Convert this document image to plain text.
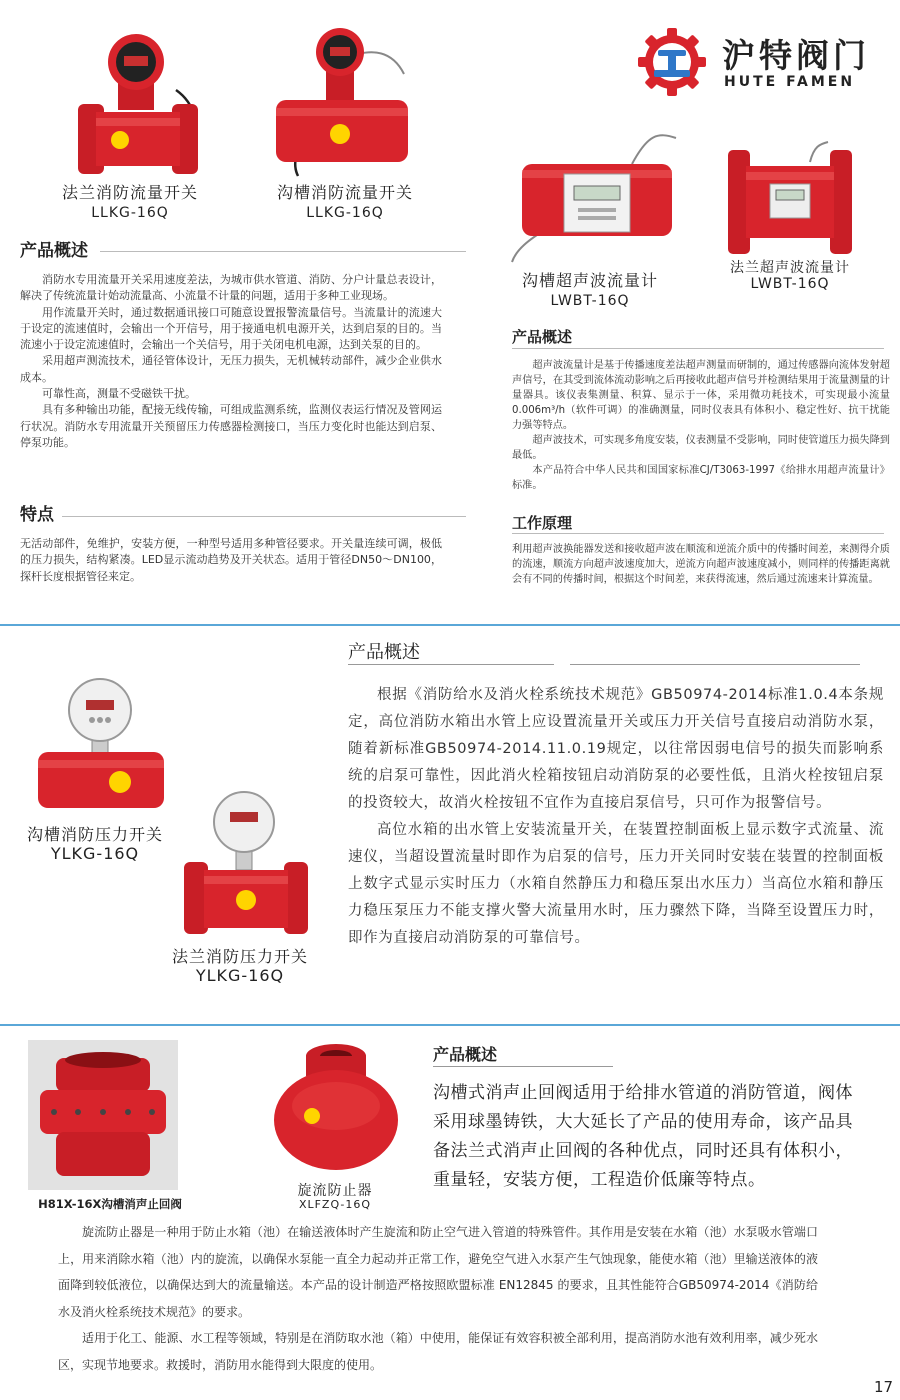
沪特阀门
HUTE FAMEN
法兰消防流量开关
LLKG-16Q
沟槽消防流量开关
LLKG-16Q
沟槽超声波流量计
LWBT-16Q
法兰超声波流量计
LWBT-16Q
产品概述

消防水专用流量开关采用速度差法，为城市供水管道、消防、分户计量总表设计，解决了传统流量计始动流量高、小流量不计量的问题，适用于多种工业现场。

用作流量开关时，通过数据通讯接口可随意设置报警流量信号。当流量计的流速大于设定的流速值时，会输出一个开信号，用于接通电机电源开关，达到启泵的目的。当流速小于设定流速值时，会输出一个关信号，用于关闭电机电源，达到关泵的目的。

采用超声测流技术，通径管体设计，无压力损失，无机械转动部件，减少企业供水成本。

可靠性高，测量不受磁铁干扰。

具有多种输出功能，配接无线传输，可组成监测系统，监测仪表运行情况及管网运行状况。消防水专用流量开关预留压力传感器检测接口，当压力变化时也能达到启泵、停泵功能。

特点

无活动部件，免维护，安装方便，一种型号适用多种管径要求。开关量连续可调，极低的压力损失，结构紧凑。LED显示流动趋势及开关状态。适用于管径DN50～DN100，探杆长度根据管径来定。

产品概述

超声波流量计是基于传播速度差法超声测量而研制的，通过传感器向流体发射超声信号，在其受到流体流动影响之后再接收此超声信号并检测结果用于流量测量的计量器具。该仪表集测量、积算、显示于一体，采用微功耗技术，可实现最小流量0.006m³/h（软件可调）的准确测量，同时仪表具有体积小、稳定性好、抗干扰能力强等特点。

超声波技术，可实现多角度安装，仪表测量不受影响，同时使管道压力损失降到最低。

本产品符合中华人民共和国国家标准CJ/T3063-1997《给排水用超声流量计》标准。

工作原理

利用超声波换能器发送和接收超声波在顺流和逆流介质中的传播时间差，来测得介质的流速，顺流方向超声波速度加大，逆流方向超声波速度减小，则同样的传播距离就会有不同的传播时间，根据这个时间差，来获得流速，然后通过流速来计算流量。

产品概述
沟槽消防压力开关
YLKG-16Q
法兰消防压力开关
YLKG-16Q

根据《消防给水及消火栓系统技术规范》GB50974-2014标准1.0.4本条规定，高位消防水箱出水管上应设置流量开关或压力开关信号直接启动消防水泵，随着新标准GB50974-2014.11.0.19规定，以往常因弱电信号的损失而影响系统的启泵可靠性，因此消火栓箱按钮启动消防泵的必要性低，且消火栓按钮启泵的投资较大，故消火栓按钮不宜作为直接启泵信号，只可作为报警信号。

高位水箱的出水管上安装流量开关，在装置控制面板上显示数字式流量、流速仪，当超设置流量时即作为启泵的信号，压力开关同时安装在装置的控制面板上数字式显示实时压力（水箱自然静压力和稳压泵出水压力）当高位水箱和静压力稳压泵压力不能支撑火警大流量用水时，压力骤然下降，当降至设置压力时，即作为直接启动消防泵的可靠信号。

H81X-16X沟槽消声止回阀
旋流防止器
XLFZQ-16Q
产品概述
沟槽式消声止回阀适用于给排水管道的消防管道，阀体采用球墨铸铁，大大延长了产品的使用寿命，该产品具备法兰式消声止回阀的各种优点，同时还具有体积小，重量轻，安装方便，工程造价低廉等特点。

旋流防止器是一种用于防止水箱（池）在输送液体时产生旋流和防止空气进入管道的特殊管件。其作用是安装在水箱（池）水泵吸水管端口上，用来消除水箱（池）内的旋流，以确保水泵能一直全力起动并正常工作，避免空气进入水泵产生气蚀现象，能使水箱（池）里输送液体的液面降到较低液位，以确保达到大的流量输送。本产品的设计制造严格按照欧盟标准 EN12845 的要求，且其性能符合GB50974-2014《消防给水及消火栓系统技术规范》的要求。

适用于化工、能源、水工程等领域，特别是在消防取水池（箱）中使用，能保证有效容积被全部利用，提高消防水池有效利用率，减少死水区，实现节地要求。救援时，消防用水能得到大限度的使用。

17
